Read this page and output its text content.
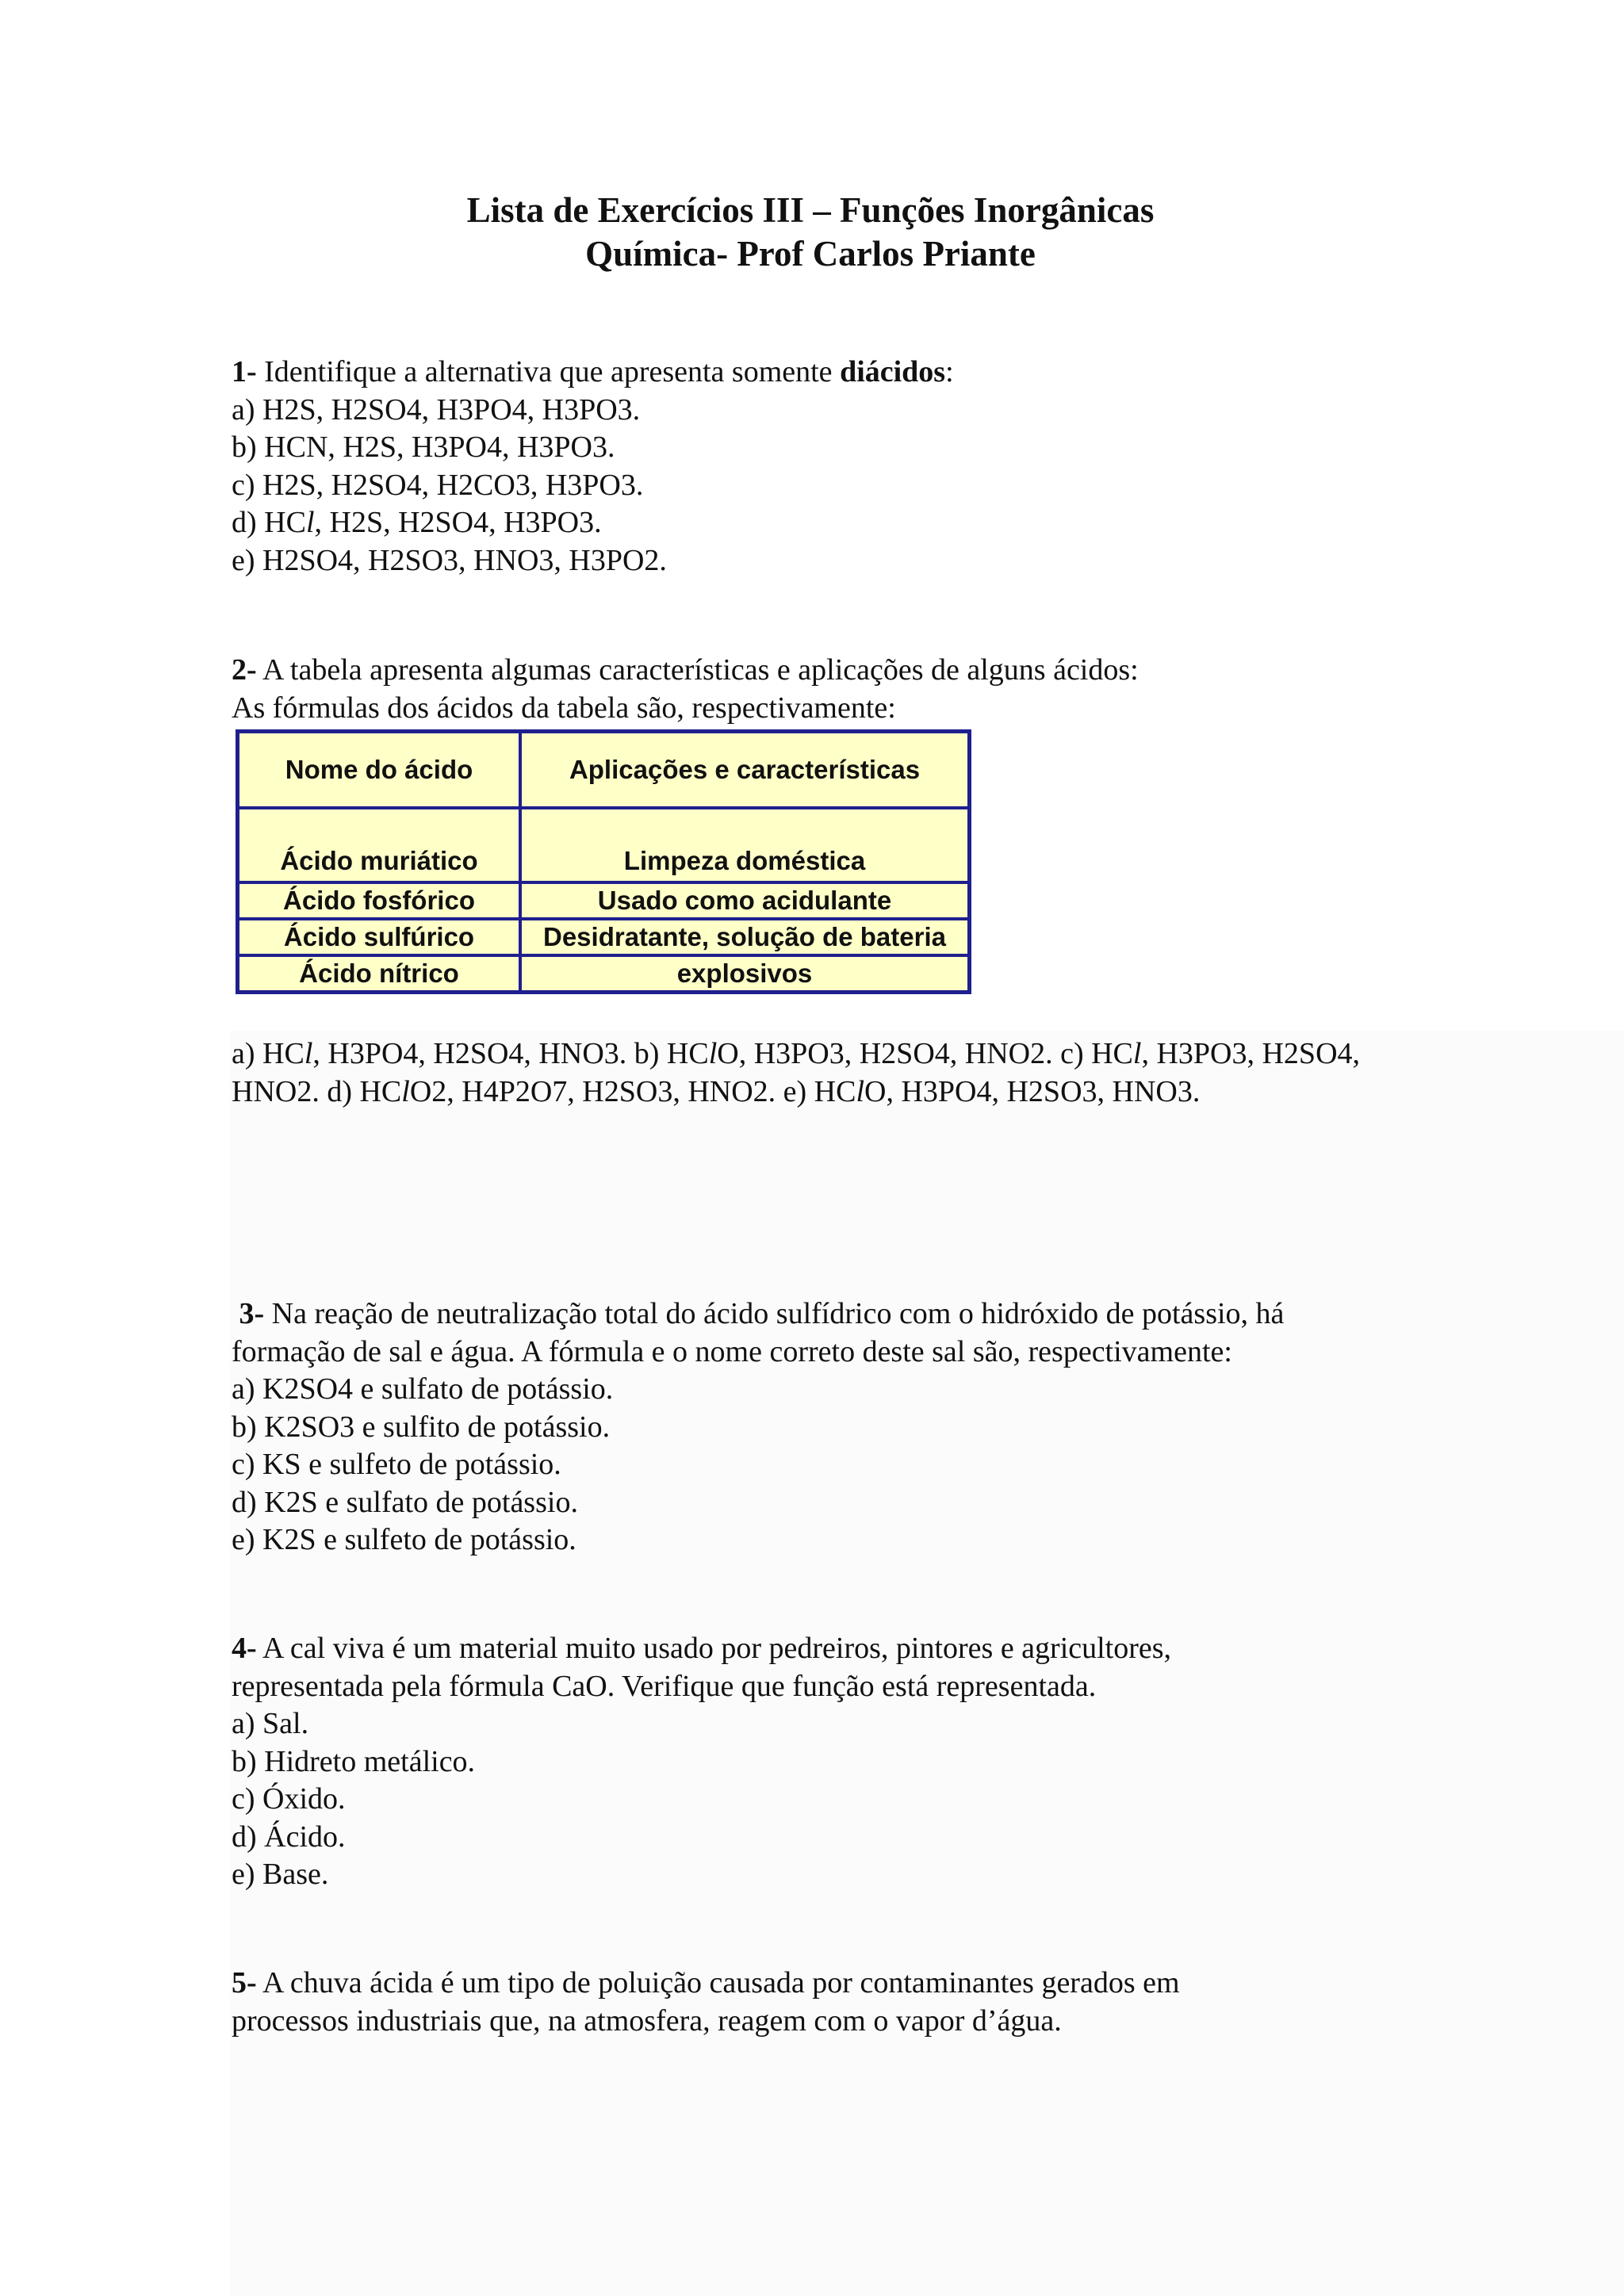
Lista de Exercícios III – Funções Inorgânicas
Química- Prof Carlos Priante

1- Identifique a alternativa que apresenta somente diácidos:

a) H2S, H2SO4, H3PO4, H3PO3.

b) HCN, H2S, H3PO4, H3PO3.

c) H2S, H2SO4, H2CO3, H3PO3.

d) HCl, H2S, H2SO4, H3PO3.

e) H2SO4, H2SO3, HNO3, H3PO2.

2- A tabela apresenta algumas características e aplicações de alguns ácidos:

As fórmulas dos ácidos da tabela são, respectivamente:

Nome do ácido	Aplicações e características
Ácido muriático	Limpeza doméstica
Ácido fosfórico	Usado como acidulante
Ácido sulfúrico	Desidratante, solução de bateria
Ácido nítrico	explosivos
a) HCl, H3PO4, H2SO4, HNO3. b) HClO, H3PO3, H2SO4, HNO2. c) HCl, H3PO3, H2SO4, HNO2. d) HClO2, H4P2O7, H2SO3, HNO2. e) HClO, H3PO4, H2SO3, HNO3.

3- Na reação de neutralização total do ácido sulfídrico com o hidróxido de potássio, há

formação de sal e água. A fórmula e o nome correto deste sal são, respectivamente:

a) K2SO4 e sulfato de potássio.

b) K2SO3 e sulfito de potássio.

c) KS e sulfeto de potássio.

d) K2S e sulfato de potássio.

e) K2S e sulfeto de potássio.

4- A cal viva é um material muito usado por pedreiros, pintores e agricultores,

representada pela fórmula CaO. Verifique que função está representada.

a) Sal.

b) Hidreto metálico.

c) Óxido.

d) Ácido.

e) Base.

5- A chuva ácida é um tipo de poluição causada por contaminantes gerados em

processos industriais que, na atmosfera, reagem com o vapor d’água.
